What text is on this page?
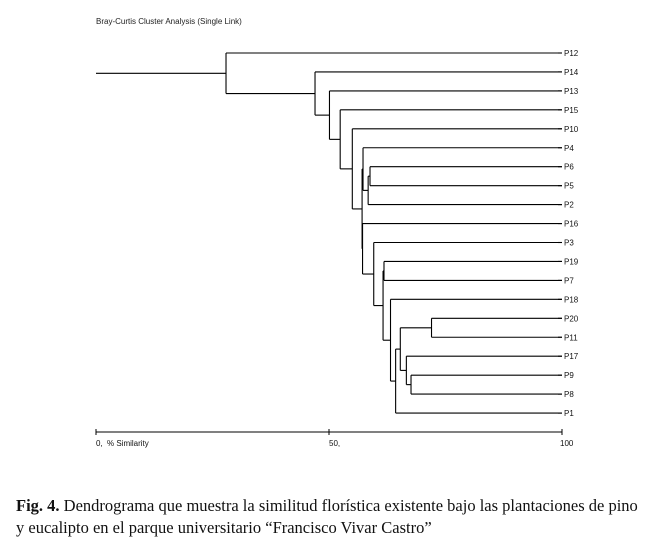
Bray-Curtis Cluster Analysis (Single Link)
P12
P14
P13
P15
P10
P4
P6
P5
P2
P16
P3
P19
P7
P18
P20
P11
P17
P9
P8
P1
0,	50,	100
% Similarity

Fig. 4. Dendrograma que muestra la similitud florística existente bajo las plantaciones de pino y eucalipto en el parque universitario “Francisco Vivar Castro”
